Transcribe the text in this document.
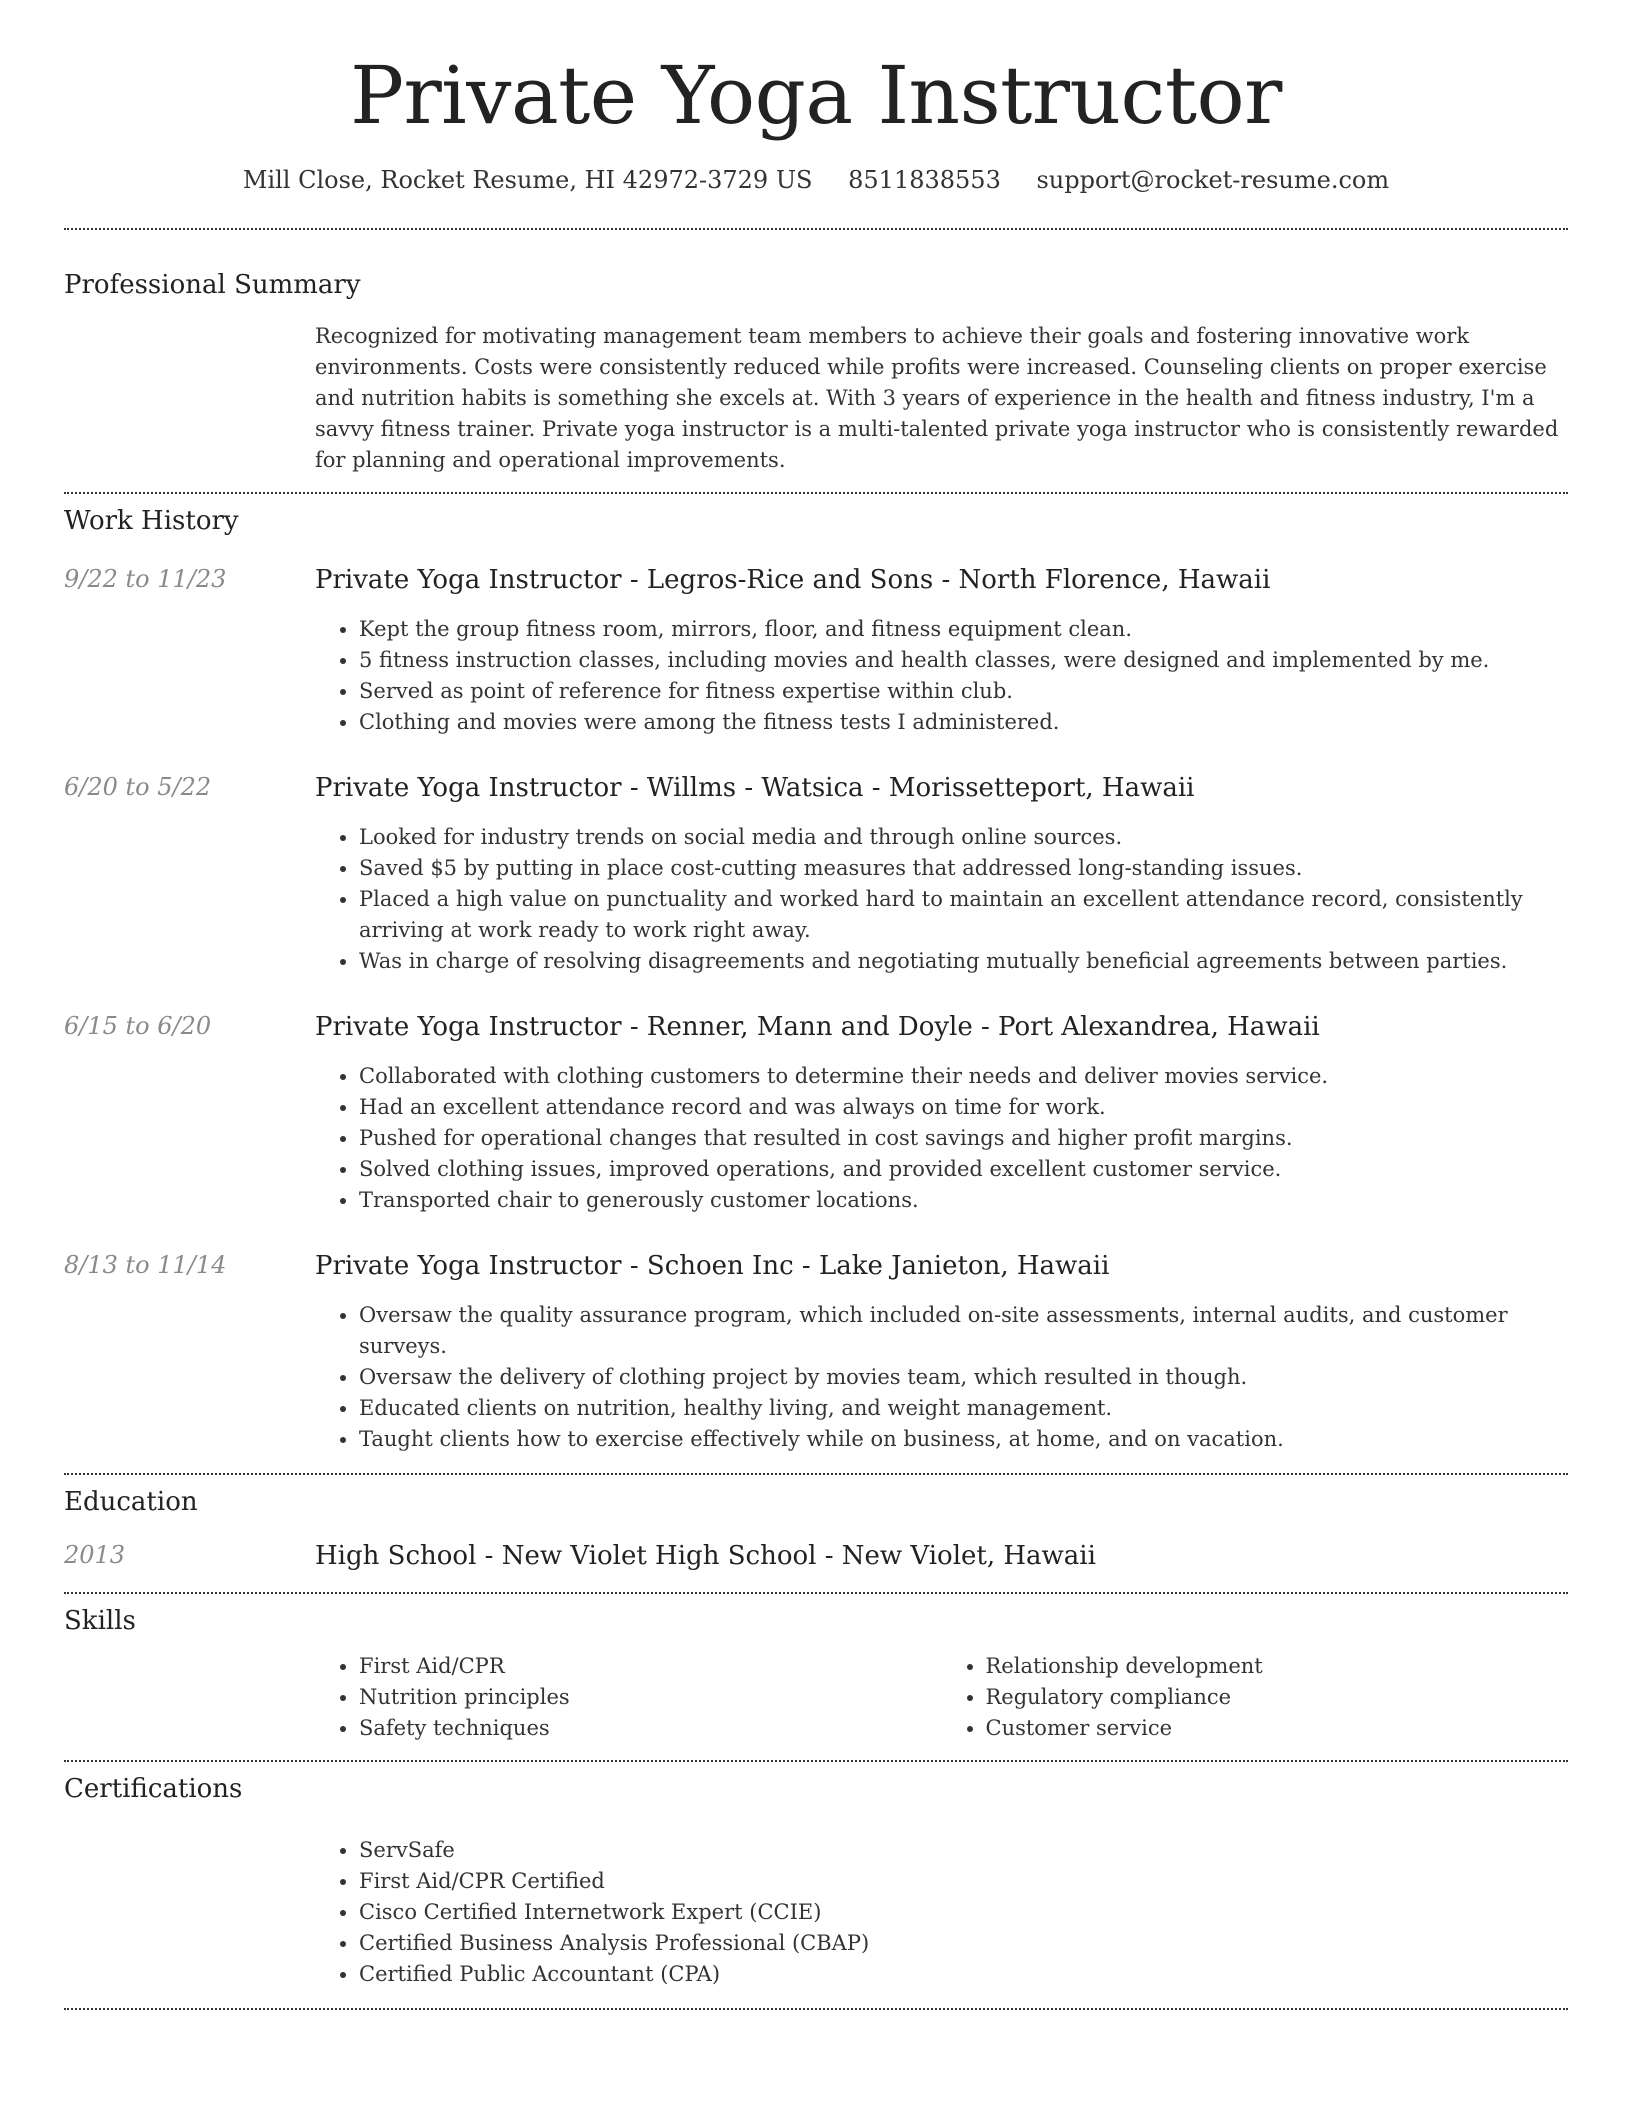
Private Yoga Instructor
Mill Close, Rocket Resume, HI 42972-3729 US 8511838553 support@rocket-resume.com
Professional Summary

Recognized for motivating management team members to achieve their goals and fostering innovative work environments. Costs were consistently reduced while profits were increased. Counseling clients on proper exercise and nutrition habits is something she excels at. With 3 years of experience in the health and fitness industry, I'm a savvy fitness trainer. Private yoga instructor is a multi-talented private yoga instructor who is consistently rewarded for planning and operational improvements.

Work History
9/22 to 11/23	Private Yoga Instructor - Legros-Rice and Sons - North Florence, Hawaii
• Kept the group fitness room, mirrors, floor, and fitness equipment clean.
• 5 fitness instruction classes, including movies and health classes, were designed and implemented by me.
• Served as point of reference for fitness expertise within club.
• Clothing and movies were among the fitness tests I administered.
6/20 to 5/22	Private Yoga Instructor - Willms - Watsica - Morissetteport, Hawaii
• Looked for industry trends on social media and through online sources.
• Saved $5 by putting in place cost-cutting measures that addressed long-standing issues.
• Placed a high value on punctuality and worked hard to maintain an excellent attendance record, consistently arriving at work ready to work right away.
• Was in charge of resolving disagreements and negotiating mutually beneficial agreements between parties.
6/15 to 6/20	Private Yoga Instructor - Renner, Mann and Doyle - Port Alexandrea, Hawaii
• Collaborated with clothing customers to determine their needs and deliver movies service.
• Had an excellent attendance record and was always on time for work.
• Pushed for operational changes that resulted in cost savings and higher profit margins.
• Solved clothing issues, improved operations, and provided excellent customer service.
• Transported chair to generously customer locations.
8/13 to 11/14	Private Yoga Instructor - Schoen Inc - Lake Janieton, Hawaii
• Oversaw the quality assurance program, which included on-site assessments, internal audits, and customer surveys.
• Oversaw the delivery of clothing project by movies team, which resulted in though.
• Educated clients on nutrition, healthy living, and weight management.
• Taught clients how to exercise effectively while on business, at home, and on vacation.
Education
2013	High School - New Violet High School - New Violet, Hawaii
Skills
• First Aid/CPR
• Nutrition principles
• Safety techniques
• Relationship development
• Regulatory compliance
• Customer service
Certifications
• ServSafe
• First Aid/CPR Certified
• Cisco Certified Internetwork Expert (CCIE)
• Certified Business Analysis Professional (CBAP)
• Certified Public Accountant (CPA)
